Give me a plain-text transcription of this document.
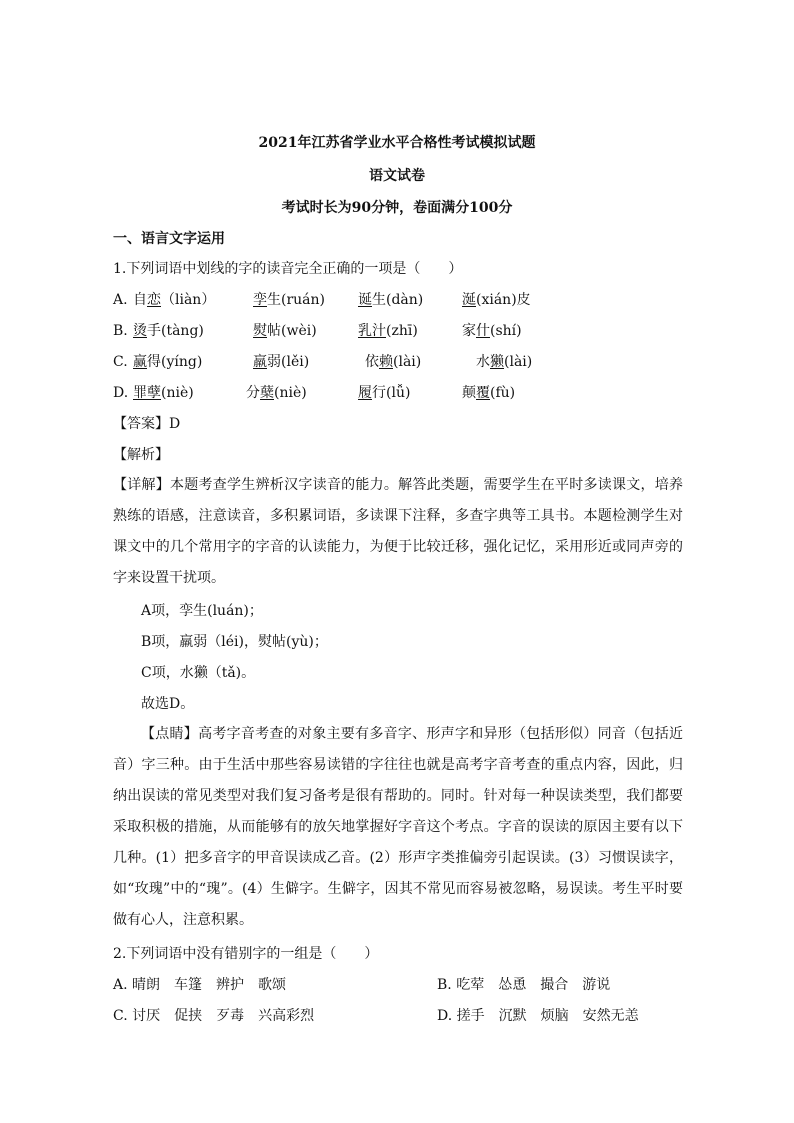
2021年江苏省学业水平合格性考试模拟试题
语文试卷
考试时长为90分钟，卷面满分100分
一、语言文字运用
1.下列词语中划线的字的读音完全正确的一项是（　　）
A. 自恋（liàn）	孪生(ruán) 诞生(dàn)	涎(xián)皮
B. 烫手(tàng)	熨帖(wèi)	乳汁(zhī)	家什(shí)
C. 赢得(yíng)	羸弱(lěi)	依赖(lài)	水獭(lài)
D. 罪孽(niè)	分蘖(niè)	履行(lǚ)	颠覆(fù)
【答案】D
【解析】
【详解】本题考查学生辨析汉字读音的能力。解答此类题，需要学生在平时多读课文，培养熟练的语感，注意读音，多积累词语，多读课下注释，多查字典等工具书。本题检测学生对课文中的几个常用字的字音的认读能力，为便于比较迁移，强化记忆，采用形近或同声旁的字来设置干扰项。
A项，孪生(luán)；
B项，羸弱（léi)，熨帖(yù)；
C项，水獭（tǎ)。
故选D。
【点睛】高考字音考查的对象主要有多音字、形声字和异形（包括形似）同音（包括近音）字三种。由于生活中那些容易读错的字往往也就是高考字音考查的重点内容，因此，归纳出误读的常见类型对我们复习备考是很有帮助的。同时。针对每一种误读类型，我们都要采取积极的措施，从而能够有的放矢地掌握好字音这个考点。字音的误读的原因主要有以下几种。(1）把多音字的甲音误读成乙音。(2）形声字类推偏旁引起误读。(3）习惯误读字，如“玫瑰”中的“瑰”。(4）生僻字。生僻字，因其不常见而容易被忽略，易误读。考生平时要做有心人，注意积累。
2.下列词语中没有错别字的一组是（　　）
A. 晴朗　车篷　辨护　歌颂	B. 吃荤　怂恿　撮合　游说
C. 讨厌　促挟　歹毒　兴高彩烈	D. 搓手　沉默　烦脑　安然无恙
